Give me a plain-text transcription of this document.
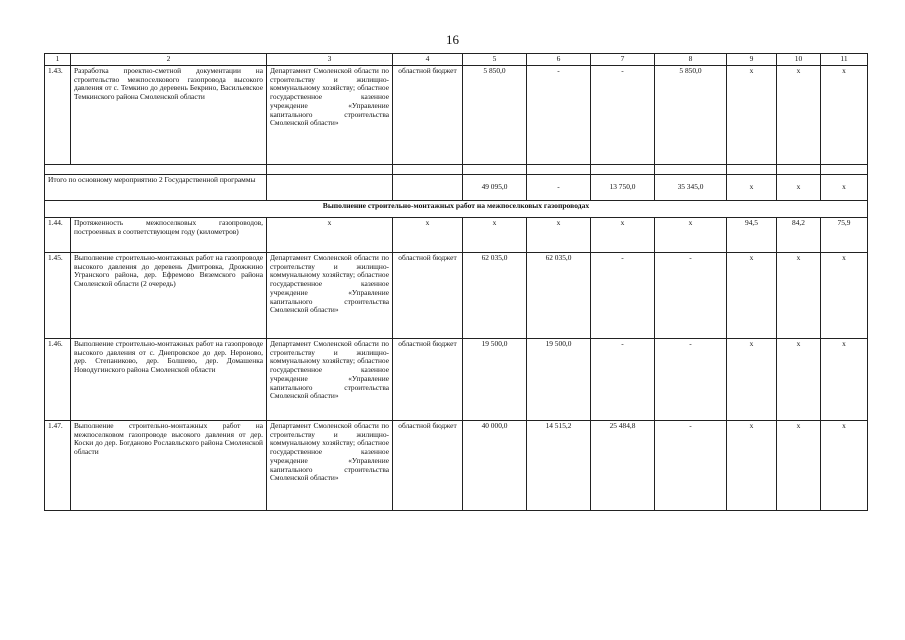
16
1	2	3	4	5	6	7	8	9	10	11
1.43.	Разработка проектно-сметной документации на строительство межпоселкового газопровода высокого давления от с. Темкино до деревень Бекрино, Васильевское Темкинского района Смоленской области	Департамент Смоленской области по строительству и жилищно-коммунальному хозяйству; областное государственное казенное учреждение «Управление капитального строительства Смоленской области»	областной бюджет	5 850,0	-	-	5 850,0	x	x	x

Итого по основному мероприятию 2 Государственной программы				49 095,0	-	13 750,0	35 345,0	x	x	x
Выполнение строительно-монтажных работ на межпоселковых газопроводах										
1.44.	Протяженность межпоселковых газопроводов, построенных в соответствующем году (километров)	x	x	x	x	x	x	94,5	84,2	75,9
1.45.	Выполнение строительно-монтажных работ на газопроводе высокого давления до деревень Дмитровка, Дрожжино Угранского района, дер. Ефремово Вяземского района Смоленской области (2 очередь)	Департамент Смоленской области по строительству и жилищно-коммунальному хозяйству; областное государственное казенное учреждение «Управление капитального строительства Смоленской области»	областной бюджет	62 035,0	62 035,0	-	-	x	x	x
1.46.	Выполнение строительно-монтажных работ на газопроводе высокого давления от с. Днепровское до дер. Нероново, дер. Степаниково, дер. Болшево, дер. Домашенка Новодугинского района Смоленской области	Департамент Смоленской области по строительству и жилищно-коммунальному хозяйству; областное государственное казенное учреждение «Управление капитального строительства Смоленской области»	областной бюджет	19 500,0	19 500,0	-	-	x	x	x
1.47.	Выполнение строительно-монтажных работ на межпоселковом газопроводе высокого давления от дер. Коски до дер. Богданово Рославльского района Смоленской области	Департамент Смоленской области по строительству и жилищно-коммунальному хозяйству; областное государственное казенное учреждение «Управление капитального строительства Смоленской области»	областной бюджет	40 000,0	14 515,2	25 484,8	-	x	x	x
